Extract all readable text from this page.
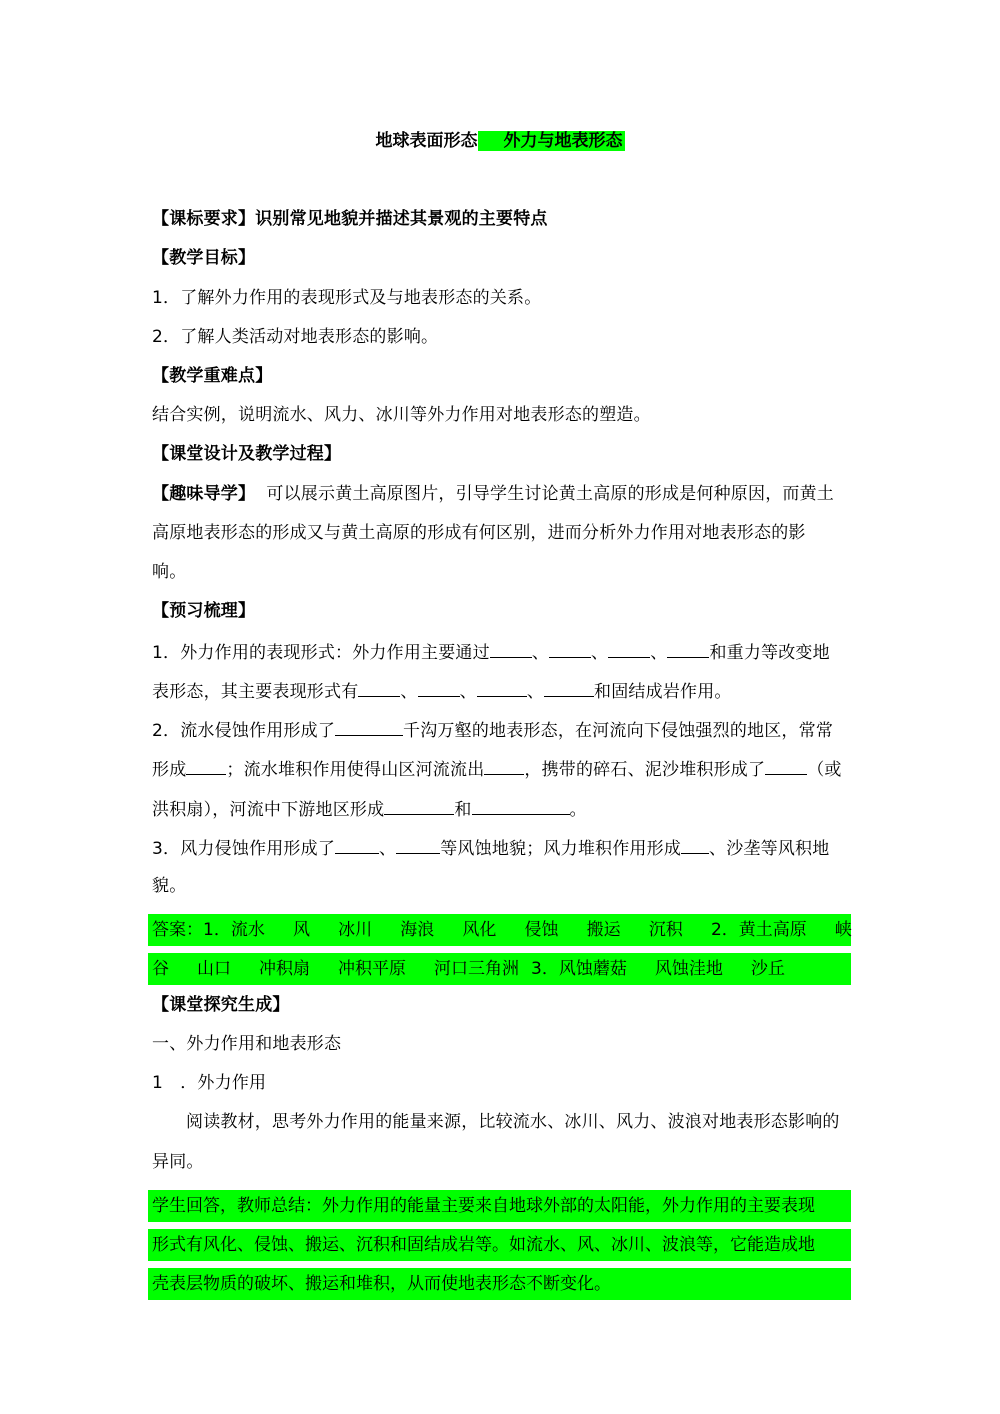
地球表面形态 外力与地表形态
【课标要求】识别常见地貌并描述其景观的主要特点
【教学目标】
1．了解外力作用的表现形式及与地表形态的关系。
2．了解人类活动对地表形态的影响。
【教学重难点】
结合实例，说明流水、风力、冰川等外力作用对地表形态的塑造。
【课堂设计及教学过程】
【趣味导学】  可以展示黄土高原图片，引导学生讨论黄土高原的形成是何种原因，而黄土
高原地表形态的形成又与黄土高原的形成有何区别，进而分析外力作用对地表形态的影
响。
【预习梳理】
1．外力作用的表现形式：外力作用主要通过 、 、 、 和重力等改变地
表形态，其主要表现形式有 、 、	、	和固结成岩作用。
2．流水侵蚀作用形成了	千沟万壑的地表形态，在河流向下侵蚀强烈的地区，常常
形成 ；流水堆积作用使得山区河流流出 ，携带的碎石、泥沙堆积形成了 （或
洪积扇），河流中下游地区形成	和	。
3．风力侵蚀作用形成了	、	等风蚀地貌；风力堆积作用形成 、沙垄等风积地
貌。
答案：1．流水 风 冰川 海浪 风化 侵蚀 搬运 沉积 2．黄土高原 峡
谷 山口 冲积扇 冲积平原 河口三角洲 3．风蚀蘑菇 风蚀洼地 沙丘
【课堂探究生成】
一、外力作用和地表形态
1　．外力作用
阅读教材，思考外力作用的能量来源，比较流水、冰川、风力、波浪对地表形态影响的
异同。
学生回答，教师总结：外力作用的能量主要来自地球外部的太阳能，外力作用的主要表现
形式有风化、侵蚀、搬运、沉积和固结成岩等。如流水、风、冰川、波浪等，它能造成地
壳表层物质的破坏、搬运和堆积，从而使地表形态不断变化。
